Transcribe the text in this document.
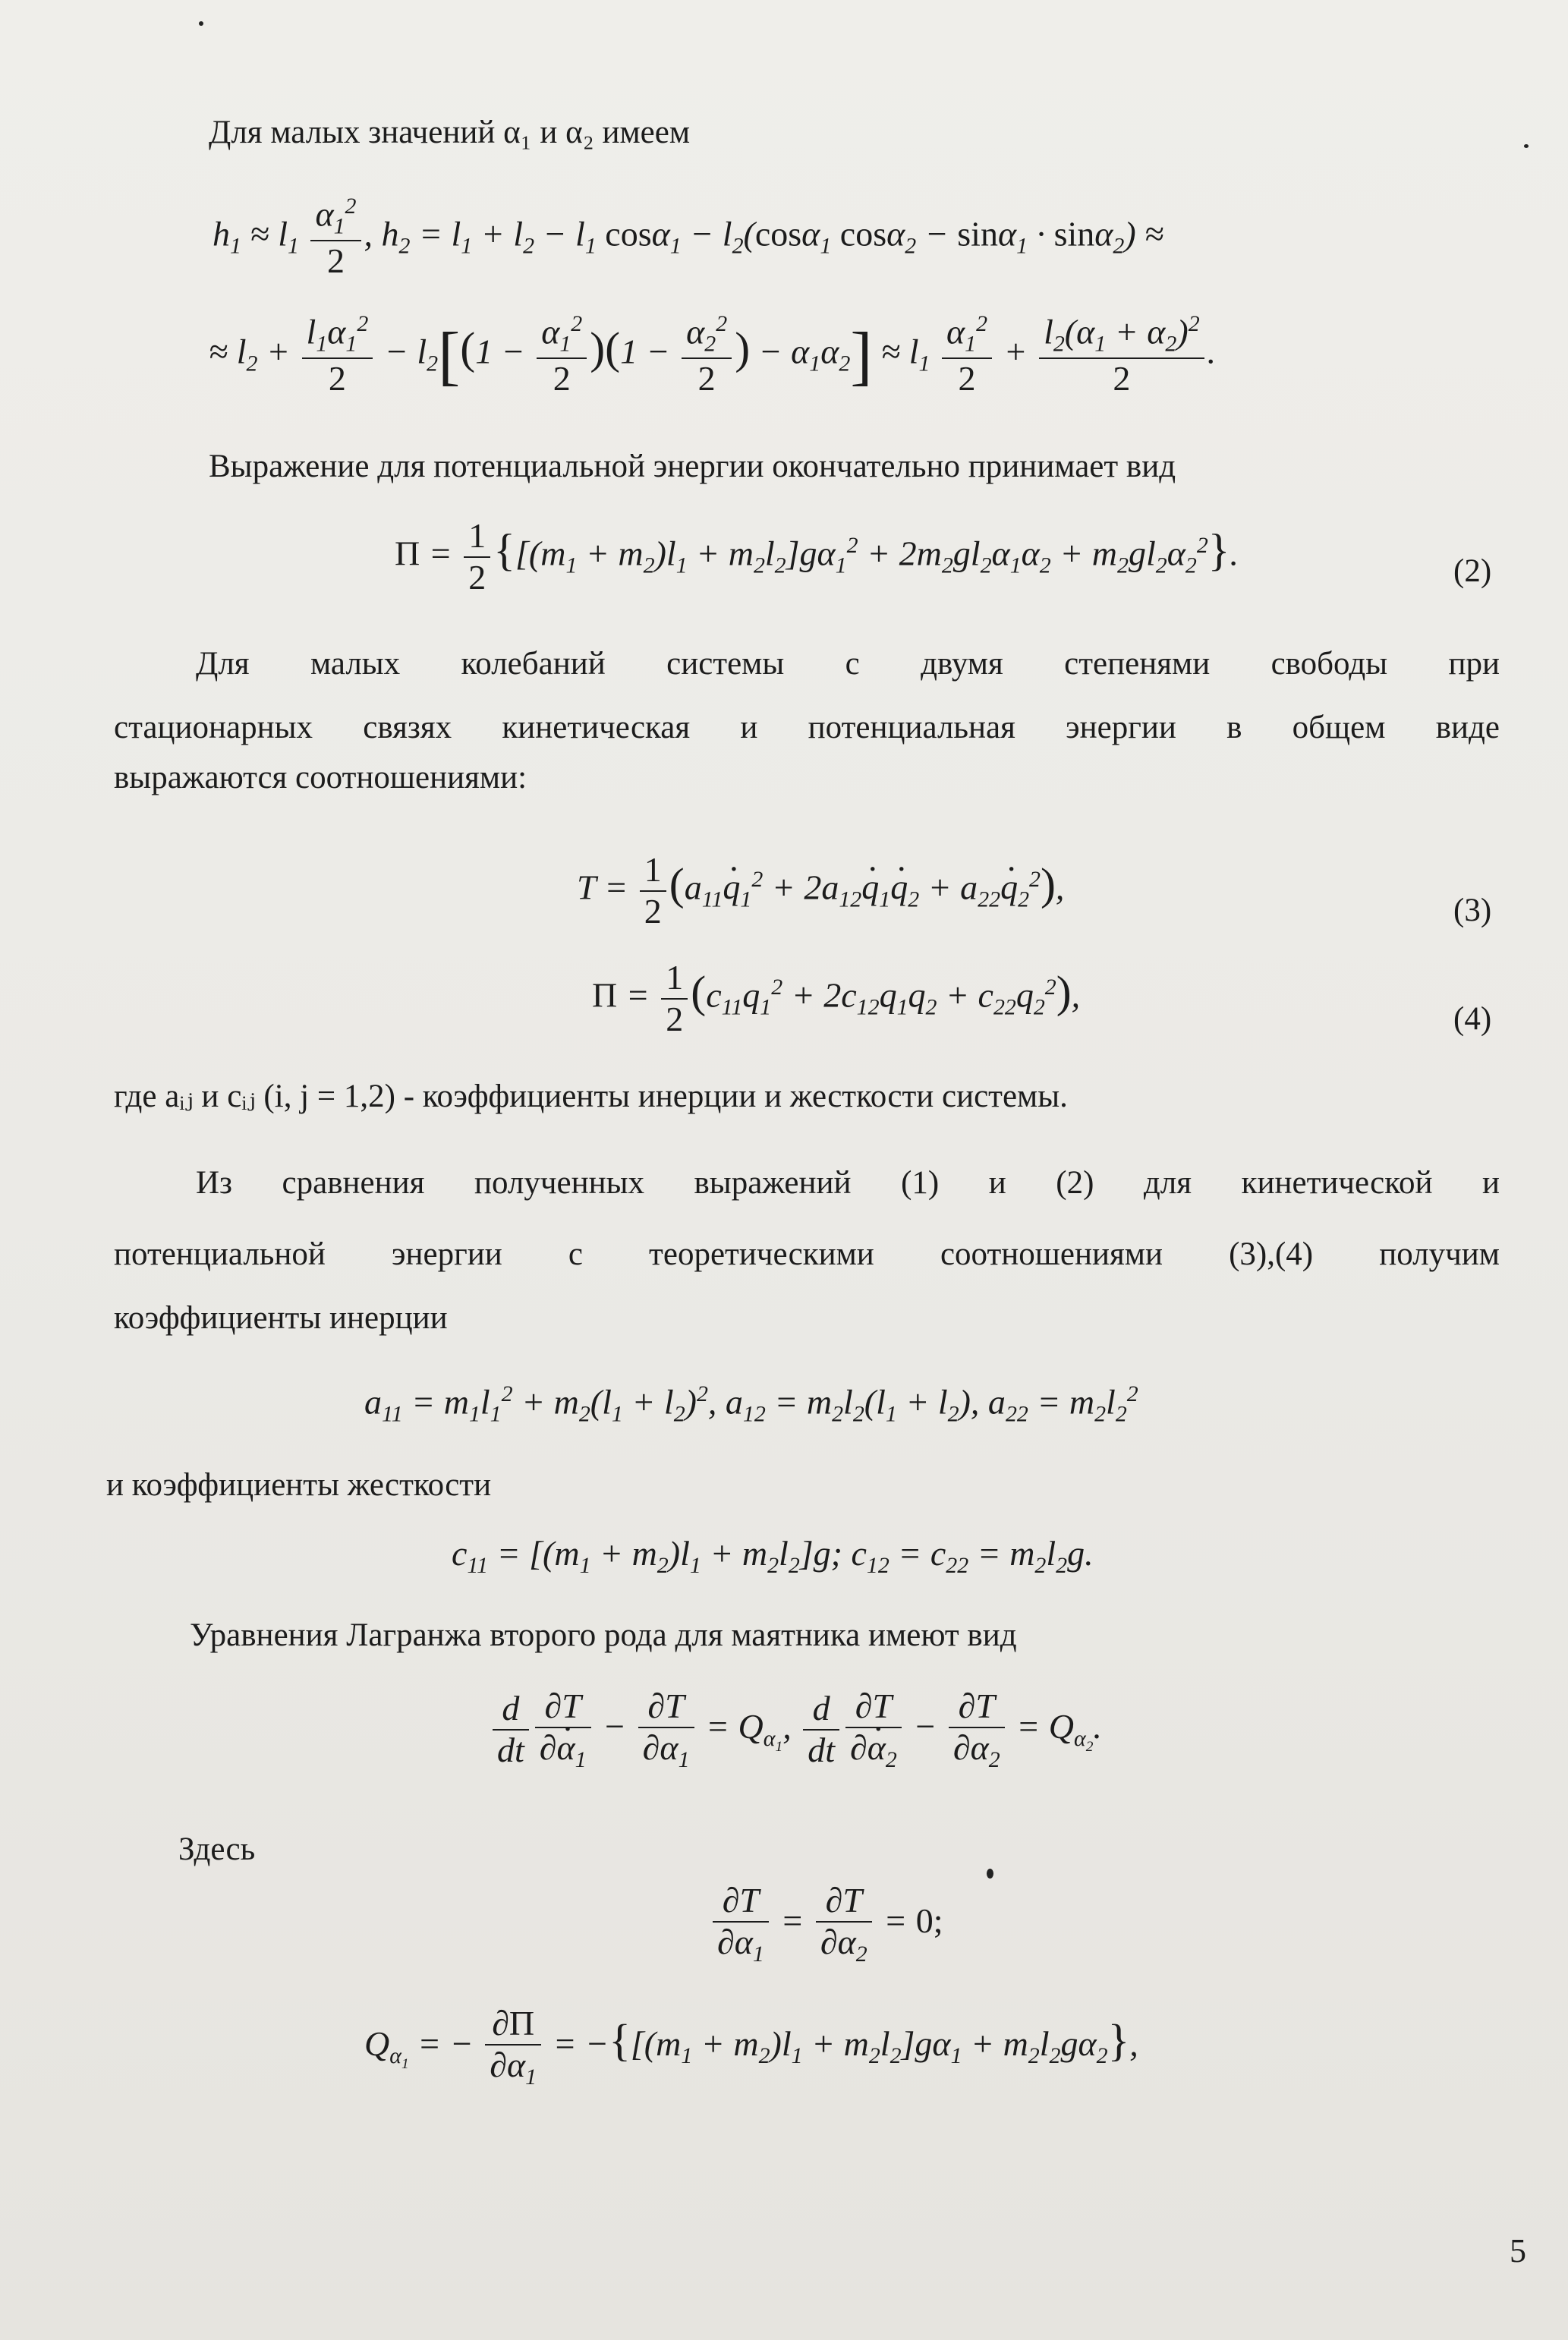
Для малых значений α₁ и α₂ имеем
$h_1 \approx l_1 \frac{\alpha_1^2}{2}$ , $h_2 = l_1 + l_2 - l_1$ $\cos\alpha_1 - l_2(\cos\alpha_1$ cosα$_2$ − sinα$_1$ · sinα$_2$) ≈
≈ $l_2 + \frac{l_1\alpha_1^2}{2} - l_2[(1 - \frac{\alpha_1^2}{2} )(1 - \frac{\alpha_2^2}{2}$ ) − $\alpha_1\alpha_2] \approx l_1 \frac{\alpha_1^2}{2} + \frac{l_2(\alpha_1 + \alpha_2)^2}{2}$ .
Выражение для потенциальной энергии окончательно принимает вид
$П = \frac{1}{2} \{[(m_1 + m_2)l_1 + m_2l_2]g\alpha_1^2 + 2m_2gl_2\alpha_1\alpha_2 + m_2gl_2\alpha_2^2\}$.	(2)
Для малых колебаний системы с двумя степенями свободы при
стационарных связях кинетическая и потенциальная энергии в общем виде
выражаются соотношениями:
$T = \frac{1}{2} (a_{11}\cdot q_1^2 + 2a_{12}\cdot q_1\cdot q_2 + a_{22}\cdot q_2^2)$,
(3)
$П = \frac{1}{2} (c_{11}q_1^2 + 2c_{12}q_1q_2 + c_{22}q_2^2)$,
(4)
где aᵢⱼ и cᵢⱼ (i, j = 1,2) - коэффициенты инерции и жесткости системы.
Из сравнения полученных выражений (1) и (2) для кинетической и
потенциальной энергии с теоретическими соотношениями (3),(4) получим
коэффициенты инерции
$a_{11} = m_1l_1^2 + m_2(l_1 + l_2)^2$, $a_{12} = m_2l_2(l_1 + l_2)$, $a_{22} = m_2l_2^2$
и коэффициенты жесткости
$c_{11} = [(m_1 + m_2)l_1 + m_2l_2]g$; $c_{12} = c_{22} = m_2l_2g$.
Уравнения Лагранжа второго рода для маятника имеют вид
$\frac{d}{dt} \frac{\partial T}{\partial\cdot \alpha_1} - \frac{\partial T}{\partial\alpha_1} = Q_{\alpha_1}$, $\frac{d}{dt} \frac{\partial T}{\partial\cdot \alpha_2} - \frac{\partial T}{\partial\alpha_2} = Q_{\alpha_2}$.
Здесь
$\frac{\partial T}{\partial\alpha_1} = \frac{\partial T}{\partial\alpha_2} = 0$;
$Q_{\alpha_1}$ = − $\frac{\partial П}{\partial\alpha_1} = -\{[(m_1 + m_2)l_1 + m_2l_2]g\alpha_1 + m_2l_2g\alpha_2\}$,
5
